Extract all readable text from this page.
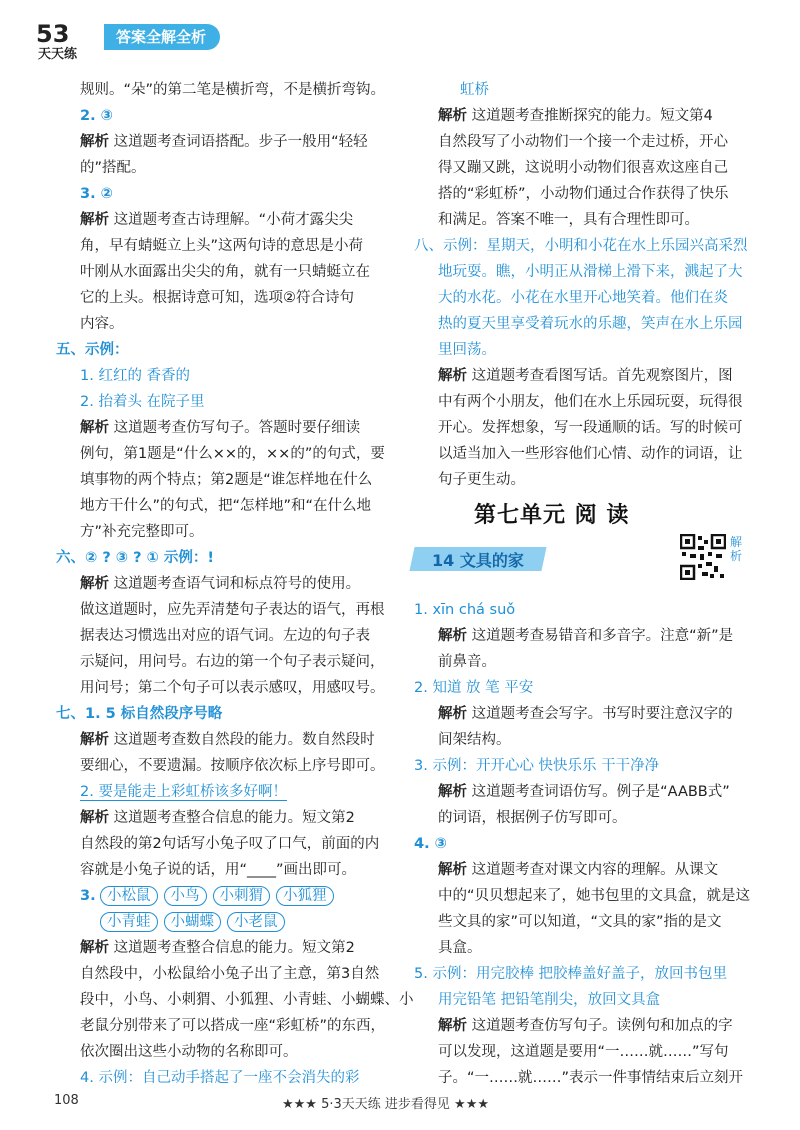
53
天天练
答案全解全析
规则。“朵”的第二笔是横折弯，不是横折弯钩。
2. ③
解析 这道题考查词语搭配。步子一般用“轻轻
的”搭配。
3. ②
解析 这道题考查古诗理解。“小荷才露尖尖
角，早有蜻蜓立上头”这两句诗的意思是小荷
叶刚从水面露出尖尖的角，就有一只蜻蜓立在
它的上头。根据诗意可知，选项②符合诗句
内容。
五、示例：
1. 红红的 香香的
2. 抬着头 在院子里
解析 这道题考查仿写句子。答题时要仔细读
例句，第1题是“什么××的，××的”的句式，要
填事物的两个特点；第2题是“谁怎样地在什么
地方干什么”的句式，把“怎样地”和“在什么地
方”补充完整即可。
六、② ? ③ ? ① 示例：!
解析 这道题考查语气词和标点符号的使用。
做这道题时，应先弄清楚句子表达的语气，再根
据表达习惯选出对应的语气词。左边的句子表
示疑问，用问号。右边的第一个句子表示疑问，
用问号；第二个句子可以表示感叹，用感叹号。
七、1. 5 标自然段序号略
解析 这道题考查数自然段的能力。数自然段时
要细心，不要遗漏。按顺序依次标上序号即可。
2. 要是能走上彩虹桥该多好啊！
解析 这道题考查整合信息的能力。短文第2
自然段的第2句话写小兔子叹了口气，前面的内
容就是小兔子说的话，用“____”画出即可。
解析 这道题考查整合信息的能力。短文第2
自然段中，小松鼠给小兔子出了主意，第3自然
段中，小鸟、小刺猬、小狐狸、小青蛙、小蝴蝶、小
老鼠分别带来了可以搭成一座“彩虹桥”的东西，
依次圈出这些小动物的名称即可。
4. 示例：自己动手搭起了一座不会消失的彩
虹桥
解析 这道题考查推断探究的能力。短文第4
自然段写了小动物们一个接一个走过桥，开心
得又蹦又跳，这说明小动物们很喜欢这座自己
搭的“彩虹桥”，小动物们通过合作获得了快乐
和满足。答案不唯一，具有合理性即可。
八、示例：星期天，小明和小花在水上乐园兴高采烈
地玩耍。瞧，小明正从滑梯上滑下来，溅起了大
大的水花。小花在水里开心地笑着。他们在炎
热的夏天里享受着玩水的乐趣，笑声在水上乐园
里回荡。
解析 这道题考查看图写话。首先观察图片，图
中有两个小朋友，他们在水上乐园玩耍，玩得很
开心。发挥想象，写一段通顺的话。写的时候可
以适当加入一些形容他们心情、动作的词语，让
句子更生动。
1. xīn chá suǒ
解析 这道题考查易错音和多音字。注意“新”是
前鼻音。
2. 知道 放 笔 平安
解析 这道题考查会写字。书写时要注意汉字的
间架结构。
3. 示例：开开心心 快快乐乐 干干净净
解析 这道题考查词语仿写。例子是“AABB式”
的词语，根据例子仿写即可。
4. ③
解析 这道题考查对课文内容的理解。从课文
中的“贝贝想起来了，她书包里的文具盒，就是这
些文具的家”可以知道，“文具的家”指的是文
具盒。
5. 示例：用完胶棒 把胶棒盖好盖子，放回书包里
用完铅笔 把铅笔削尖，放回文具盒
解析 这道题考查仿写句子。读例句和加点的字
可以发现，这道题是要用“一……就……”写句
子。“一……就……”表示一件事情结束后立刻开
3. 小松鼠 小鸟 小刺猬 小狐狸
小青蛙 小蝴蝶 小老鼠
第七单元 阅 读
14 文具的家
解析
108	★★★ 5·3天天练 进步看得见 ★★★
